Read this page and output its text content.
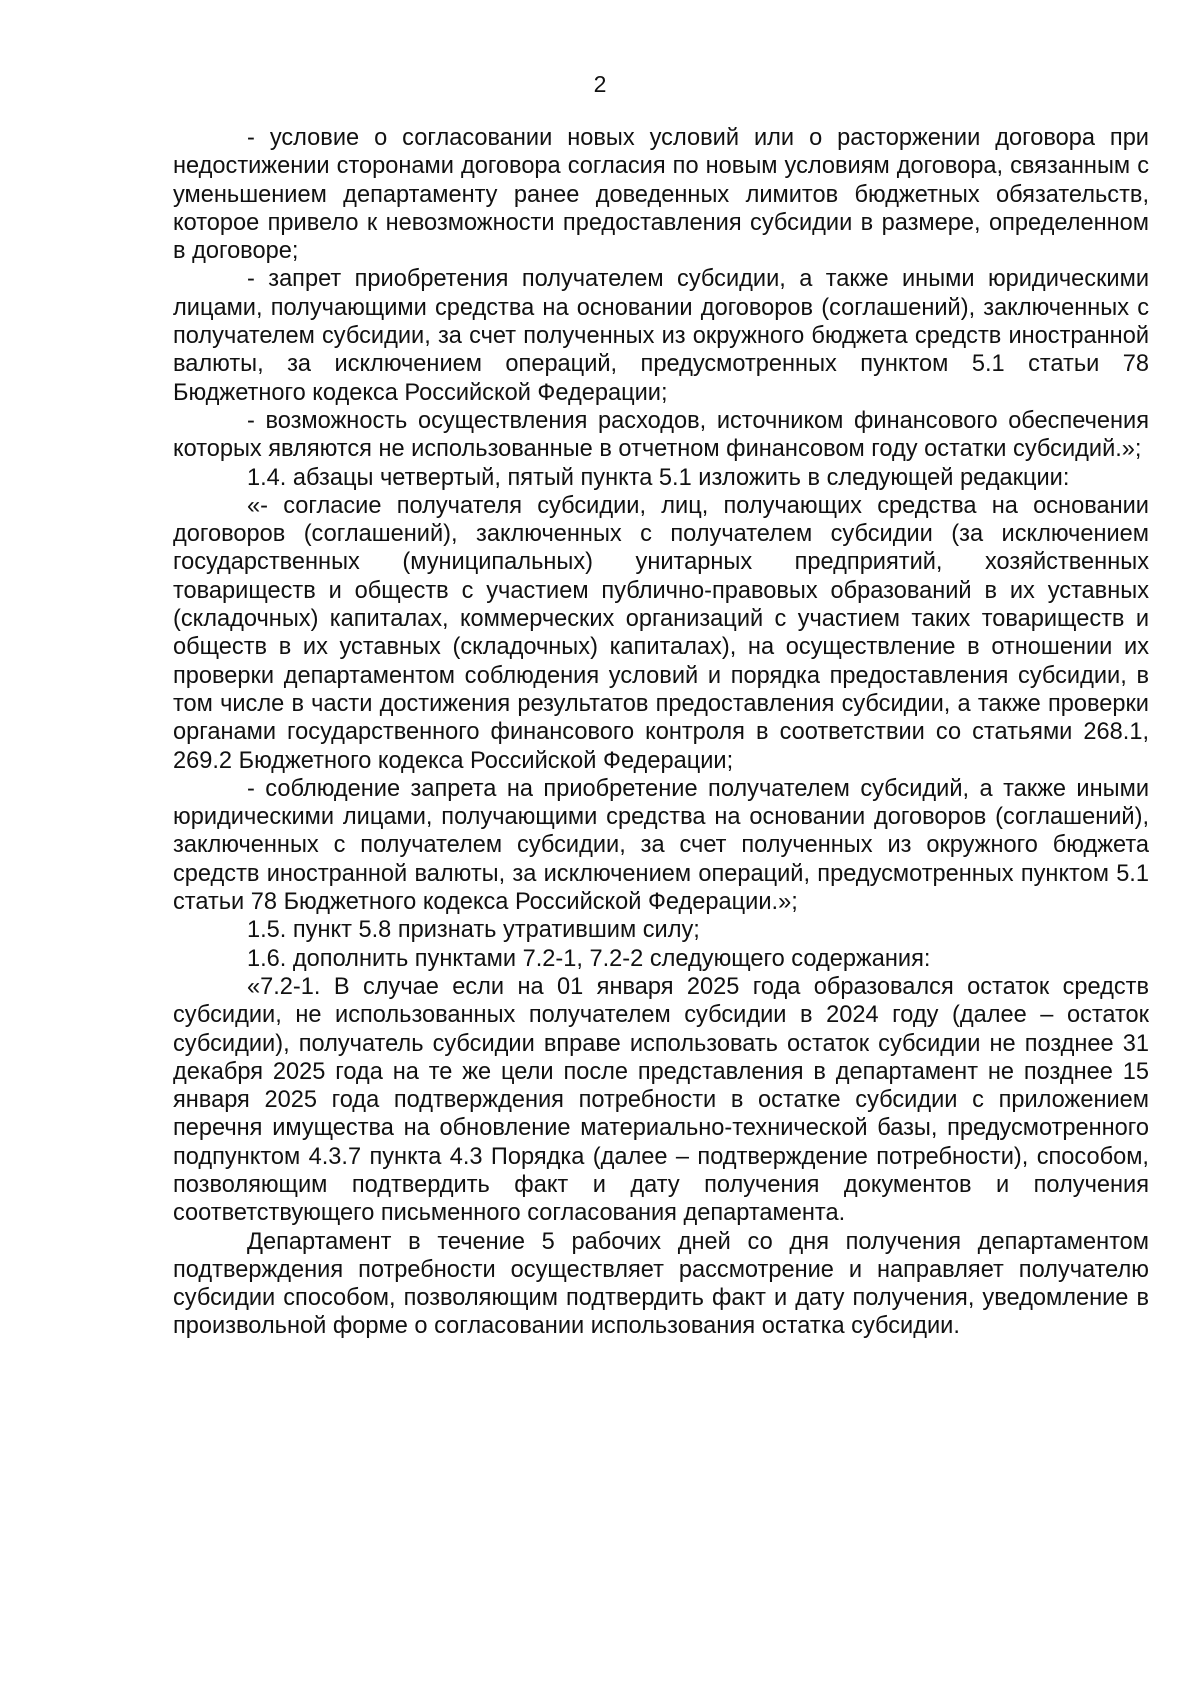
2

- условие о согласовании новых условий или о расторжении договора при недостижении сторонами договора согласия по новым условиям договора, связанным с уменьшением департаменту ранее доведенных лимитов бюджетных обязательств, которое привело к невозможности предоставления субсидии в размере, определенном в договоре;

- запрет приобретения получателем субсидии, а также иными юридическими лицами, получающими средства на основании договоров (соглашений), заключенных с получателем субсидии, за счет полученных из окружного бюджета средств иностранной валюты, за исключением операций, предусмотренных пунктом 5.1 статьи 78 Бюджетного кодекса Российской Федерации;

- возможность осуществления расходов, источником финансового обеспечения которых являются не использованные в отчетном финансовом году остатки субсидий.»;

1.4. абзацы четвертый, пятый пункта 5.1 изложить в следующей редакции:

«- согласие получателя субсидии, лиц, получающих средства на основании договоров (соглашений), заключенных с получателем субсидии (за исключением государственных (муниципальных) унитарных предприятий, хозяйственных товариществ и обществ с участием публично-правовых образований в их уставных (складочных) капиталах, коммерческих организаций с участием таких товариществ и обществ в их уставных (складочных) капиталах), на осуществление в отношении их проверки департаментом соблюдения условий и порядка предоставления субсидии, в том числе в части достижения результатов предоставления субсидии, а также проверки органами государственного финансового контроля в соответствии со статьями 268.1, 269.2 Бюджетного кодекса Российской Федерации;

- соблюдение запрета на приобретение получателем субсидий, а также иными юридическими лицами, получающими средства на основании договоров (соглашений), заключенных с получателем субсидии, за счет полученных из окружного бюджета средств иностранной валюты, за исключением операций, предусмотренных пунктом 5.1 статьи 78 Бюджетного кодекса Российской Федерации.»;

1.5. пункт 5.8 признать утратившим силу;

1.6. дополнить пунктами 7.2-1, 7.2-2 следующего содержания:

«7.2-1. В случае если на 01 января 2025 года образовался остаток средств субсидии, не использованных получателем субсидии в 2024 году (далее – остаток субсидии), получатель субсидии вправе использовать остаток субсидии не позднее 31 декабря 2025 года на те же цели после представления в департамент не позднее 15 января 2025 года подтверждения потребности в остатке субсидии с приложением перечня имущества на обновление материально-технической базы, предусмотренного подпунктом 4.3.7 пункта 4.3 Порядка (далее – подтверждение потребности), способом, позволяющим подтвердить факт и дату получения документов и получения соответствующего письменного согласования департамента.

Департамент в течение 5 рабочих дней со дня получения департаментом подтверждения потребности осуществляет рассмотрение и направляет получателю субсидии способом, позволяющим подтвердить факт и дату получения, уведомление в произвольной форме о согласовании использования остатка субсидии.
